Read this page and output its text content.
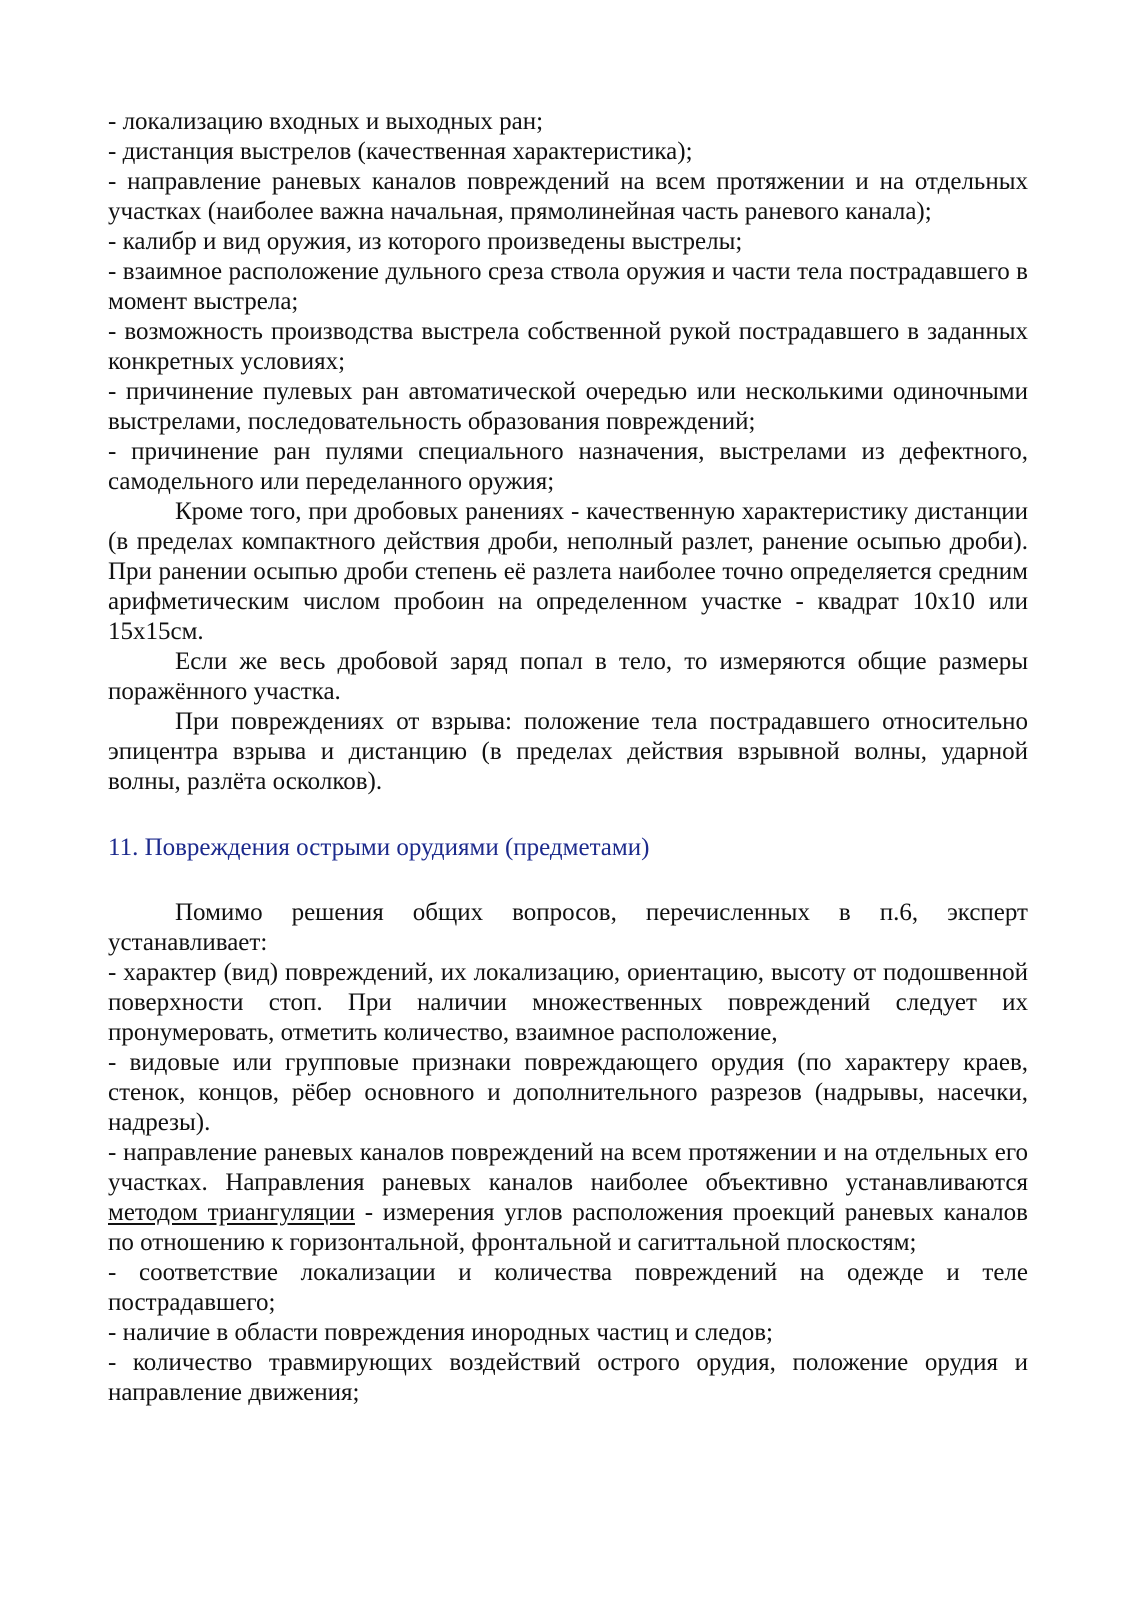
- локализацию входных и выходных ран;

- дистанция выстрелов (качественная характеристика);

- направление раневых каналов повреждений на всем протяжении и на отдельных участках (наиболее важна начальная, прямолинейная часть раневого канала);

- калибр и вид оружия, из которого произведены выстрелы;

- взаимное расположение дульного среза ствола оружия и части тела пострадавшего в момент выстрела;

- возможность производства выстрела собственной рукой пострадавшего в заданных конкретных условиях;

- причинение пулевых ран автоматической очередью или несколькими одиночными выстрелами, последовательность образования повреждений;

- причинение ран пулями специального назначения, выстрелами из дефектного, самодельного или переделанного оружия;

Кроме того, при дробовых ранениях - качественную характеристику дистанции (в пределах компактного действия дроби, неполный разлет, ранение осыпью дроби). При ранении осыпью дроби степень её разлета наиболее точно определяется средним арифметическим числом пробоин на определенном участке - квадрат 10х10 или 15х15см.

Если же весь дробовой заряд попал в тело, то измеряются общие размеры поражённого участка.

При повреждениях от взрыва: положение тела пострадавшего относительно эпицентра взрыва и дистанцию (в пределах действия взрывной волны, ударной волны, разлёта осколков).

11. Повреждения острыми орудиями (предметами)

Помимо решения общих вопросов, перечисленных в п.6, эксперт устанавливает:

- характер (вид) повреждений, их локализацию, ориентацию, высоту от подошвенной поверхности стоп. При наличии множественных повреждений следует их пронумеровать, отметить количество, взаимное расположение,

- видовые или групповые признаки повреждающего орудия (по характеру краев, стенок, концов, рёбер основного и дополнительного разрезов (надрывы, насечки, надрезы).

- направление раневых каналов повреждений на всем протяжении и на отдельных его участках. Направления раневых каналов наиболее объективно устанавливаются методом триангуляции - измерения углов расположения проекций раневых каналов по отношению к горизонтальной, фронтальной и сагиттальной плоскостям;

- соответствие локализации и количества повреждений на одежде и теле пострадавшего;

- наличие в области повреждения инородных частиц и следов;

- количество травмирующих воздействий острого орудия, положение орудия и направление движения;
